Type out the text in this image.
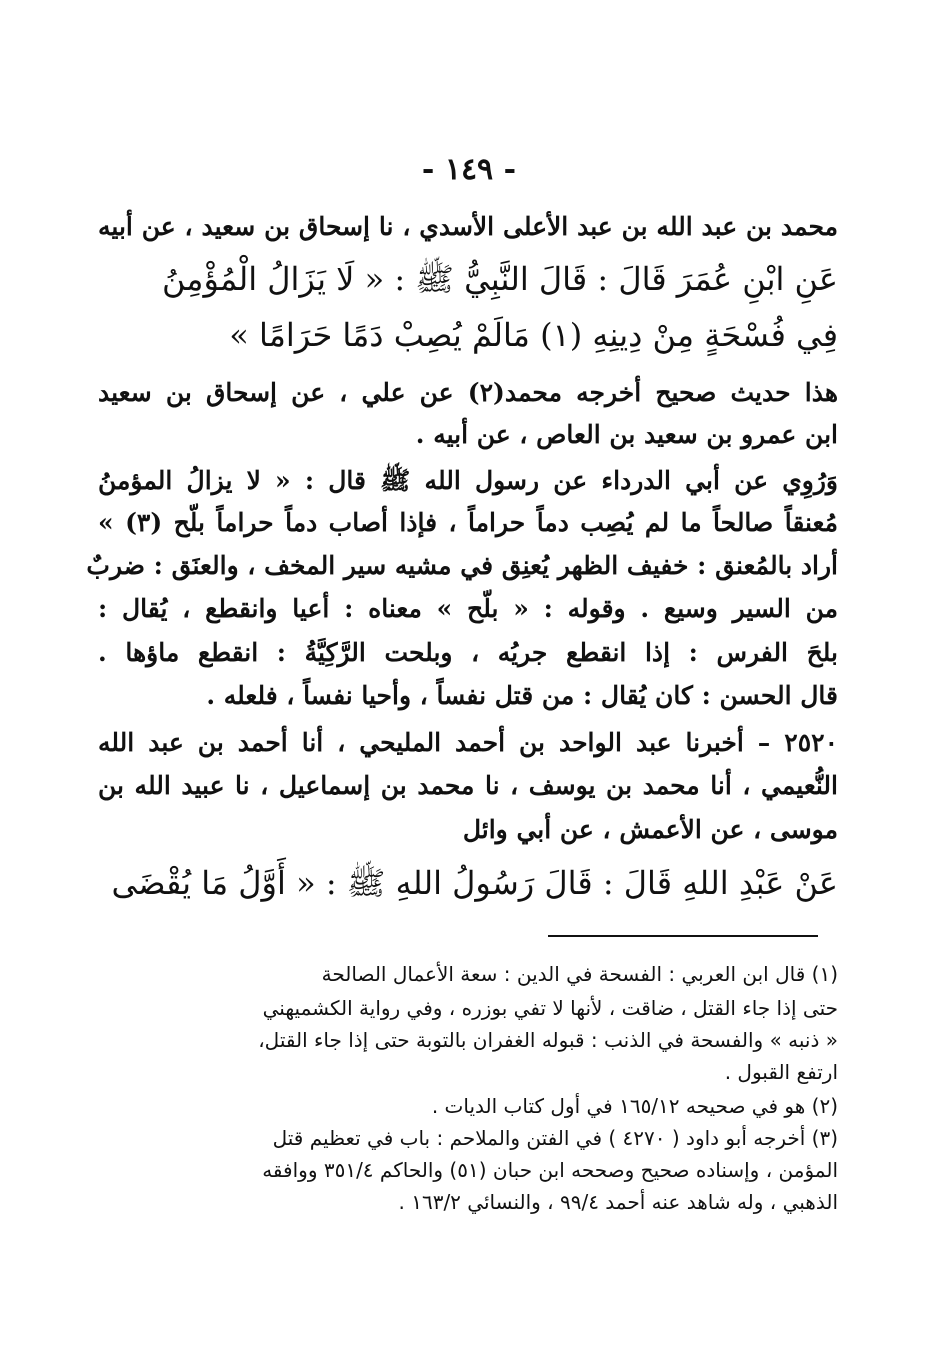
- ١٤٩ -
محمد بن عبد الله بن عبد الأعلى الأسدي ، نا إسحاق بن سعيد ، عن أبيه
عَنِ ابْنِ عُمَرَ قَالَ : قَالَ النَّبِيُّ ﷺ : « لَا يَزَالُ الْمُؤْمِنُ
فِي فُسْحَةٍ مِنْ دِينِهِ (١) مَالَمْ يُصِبْ دَمًا حَرَامًا »
هذا حديث صحيح أخرجه محمد(٢) عن علي ، عن إسحاق بن سعيد
ابن عمرو بن سعيد بن العاص ، عن أبيه .
وَرُوِي عن أبي الدرداء عن رسول الله ﷺ قال : « لا يزالُ المؤمنُ
مُعنقاً صالحاً ما لم يُصِب دماً حراماً ، فإذا أصاب دماً حراماً بلّح (٣) »
أراد بالمُعنق : خفيف الظهر يُعنِق في مشيه سير المخف ، والعنَق : ضربٌ
من السير وسيع . وقوله : « بلّح » معناه : أعيا وانقطع ، يُقال :
بلحَ الفرس : إذا انقطع جريُه ، وبلحت الرَّكِيَّةُ : انقطع ماؤها .
قال الحسن : كان يُقال : من قتل نفساً ، وأحيا نفساً ، فلعله .
٢٥٢٠ – أخبرنا عبد الواحد بن أحمد المليحي ، أنا أحمد بن عبد الله
النُّعيمي ، أنا محمد بن يوسف ، نا محمد بن إسماعيل ، نا عبيد الله بن
موسى ، عن الأعمش ، عن أبي وائل
عَنْ عَبْدِ اللهِ قَالَ : قَالَ رَسُولُ اللهِ ﷺ : « أَوَّلُ مَا يُقْضَى
(١) قال ابن العربي : الفسحة في الدين : سعة الأعمال الصالحة
حتى إذا جاء القتل ، ضاقت ، لأنها لا تفي بوزره ، وفي رواية الكشميهني
« ذنبه » والفسحة في الذنب : قبوله الغفران بالتوبة حتى إذا جاء القتل،
ارتفع القبول .
(٢) هو في صحيحه ١٦٥/١٢ في أول كتاب الديات .
(٣) أخرجه أبو داود ( ٤٢٧٠ ) في الفتن والملاحم : باب في تعظيم قتل
المؤمن ، وإسناده صحيح وصححه ابن حبان (٥١) والحاكم ٣٥١/٤ ووافقه
الذهبي ، وله شاهد عنه أحمد ٩٩/٤ ، والنسائي ١٦٣/٢ .
